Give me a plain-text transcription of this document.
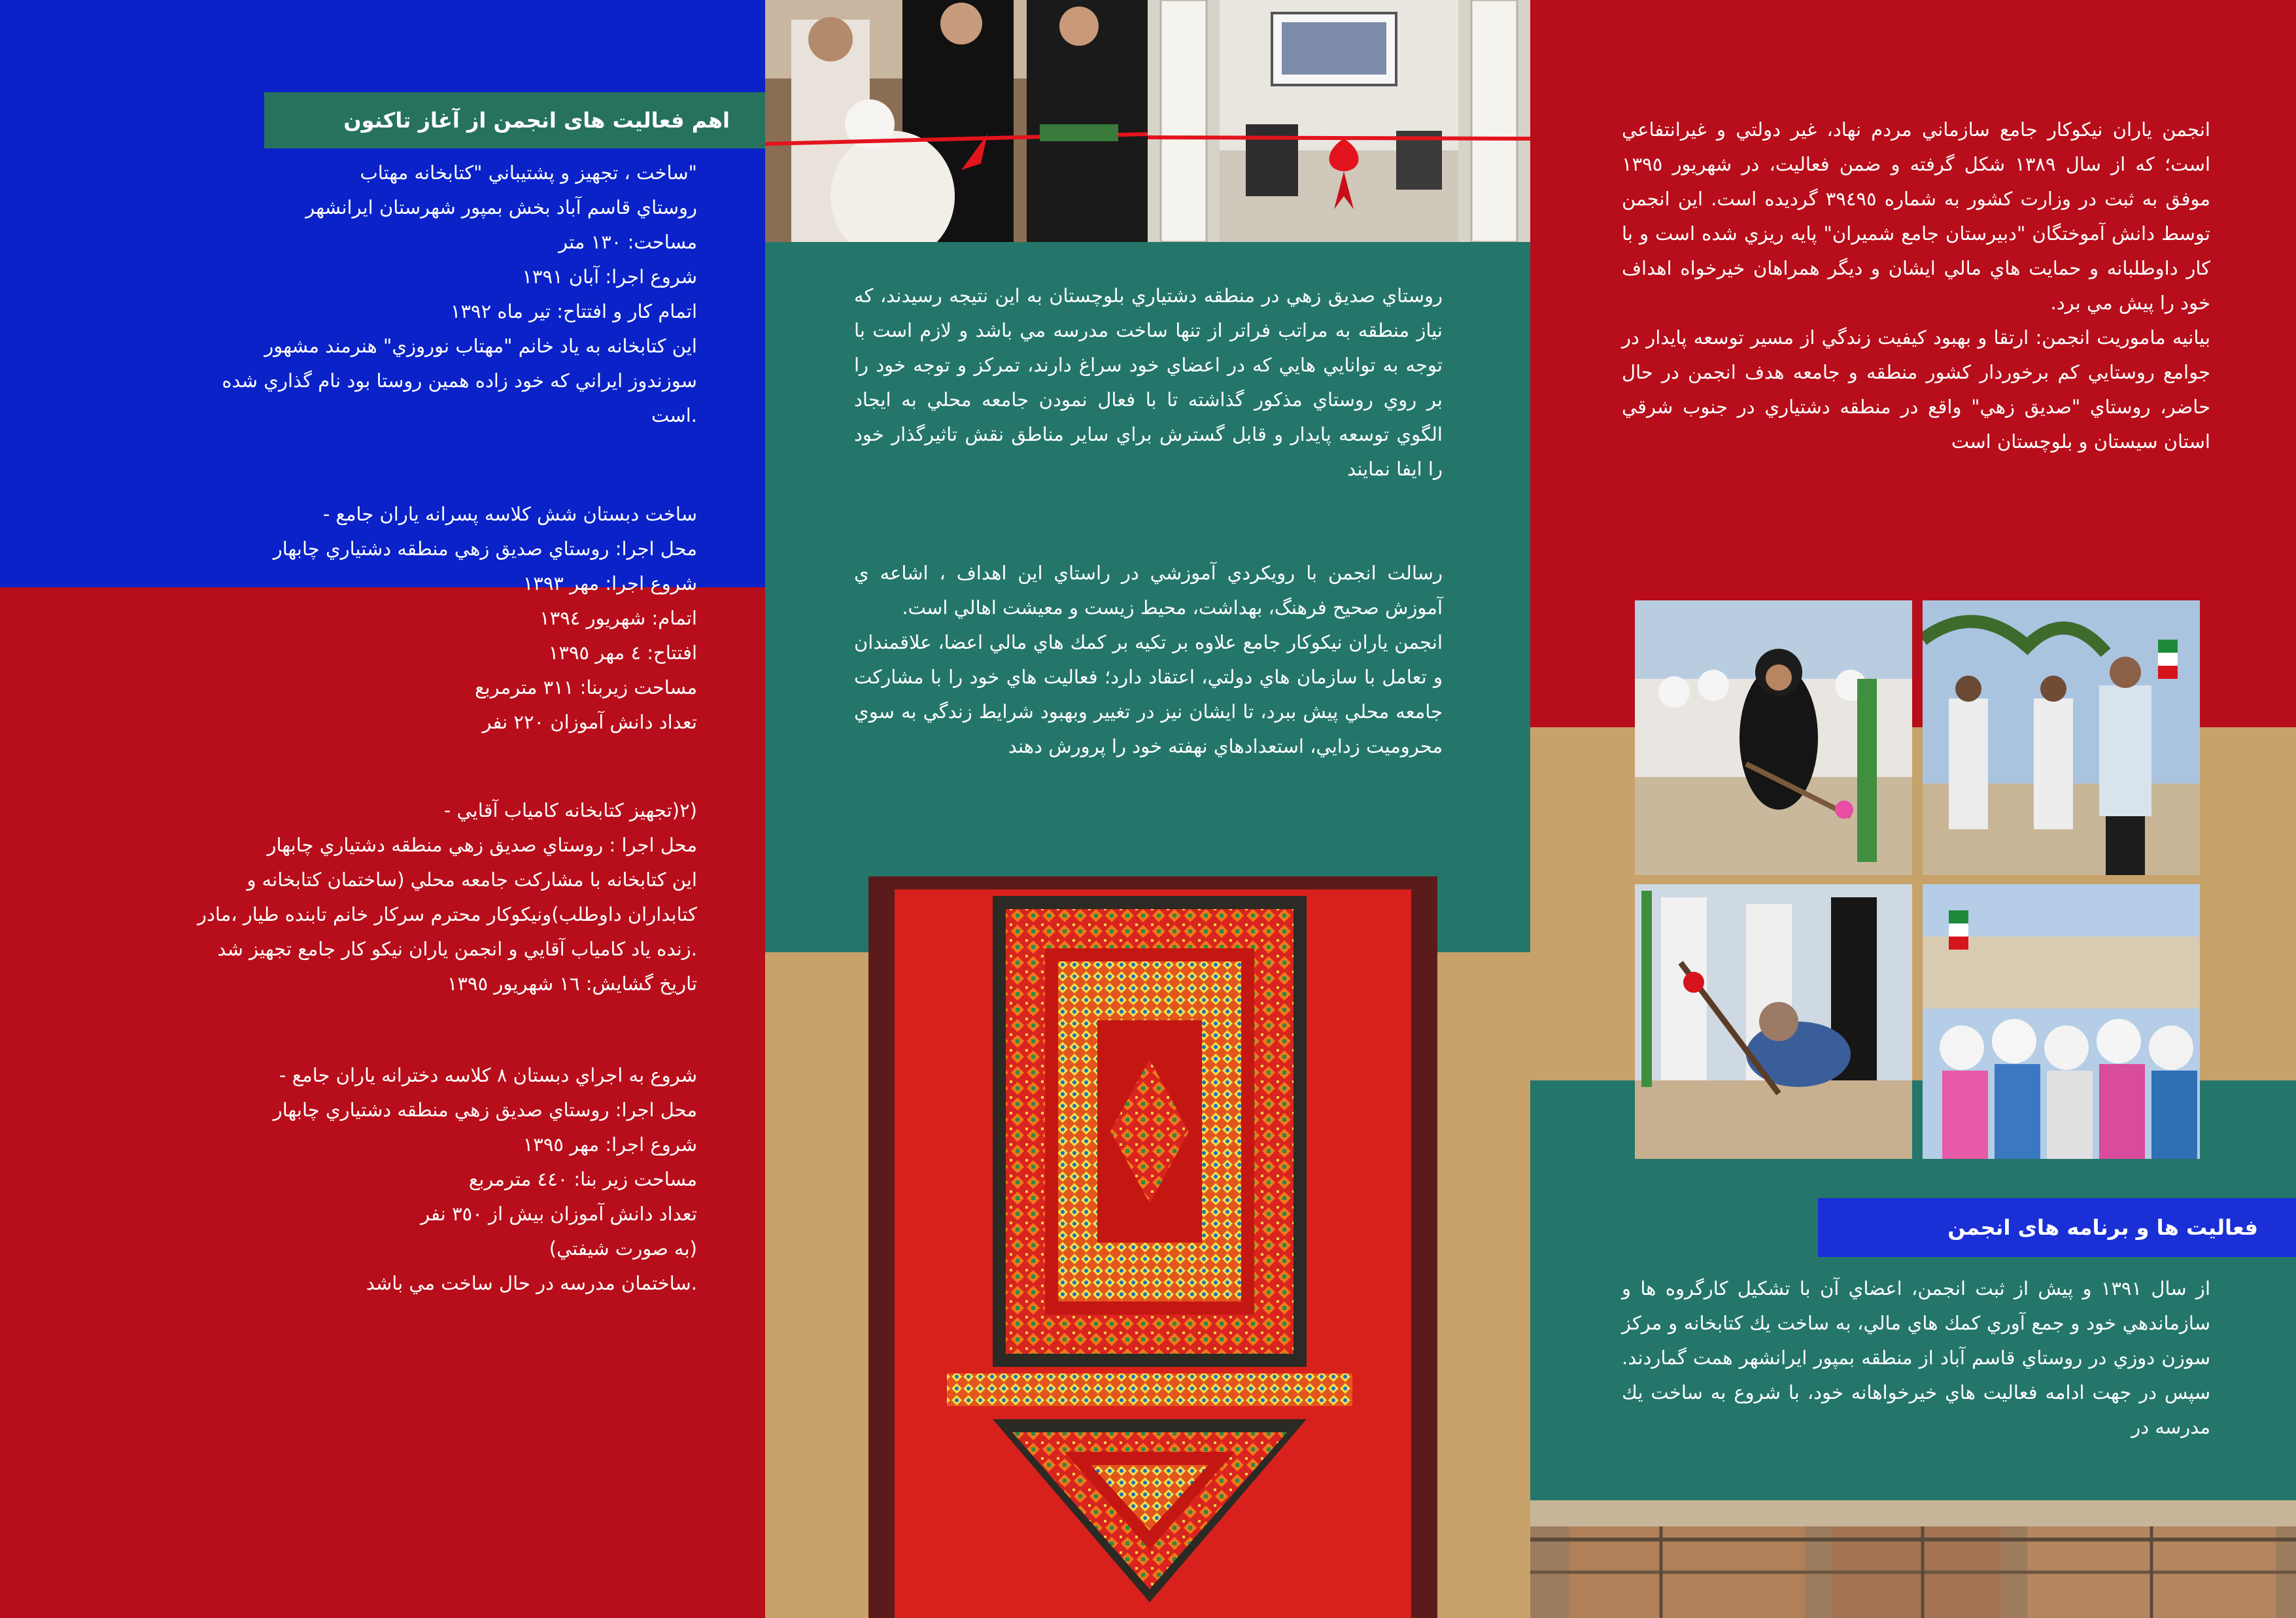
اهم فعالیت های انجمن از آغاز تاکنون

"ساخت ، تجهيز و پشتيباني "كتابخانه مهتاب
روستاي قاسم آباد بخش بمپور شهرستان ايرانشهر
مساحت: ١٣٠ متر
شروع اجرا: آبان ١٣٩١
اتمام كار و افتتاح: تير ماه ١٣٩٢
اين كتابخانه به ياد خانم "مهتاب نوروزي" هنرمند مشهور
سوزندوز ايراني كه خود زاده همين روستا بود نام گذاري شده
.است

ساخت دبستان شش كلاسه پسرانه ياران جامع -
محل اجرا: روستاي صديق زهي منطقه دشتياري چابهار
شروع اجرا: مهر ١٣٩٣
اتمام: شهريور ١٣٩٤
افتتاح: ٤ مهر ١٣٩٥
مساحت زيربنا: ٣١١ مترمربع
تعداد دانش آموزان ٢٢٠ نفر

(٢(تجهيز كتابخانه كامياب آقايي -
محل اجرا : روستاي صديق زهي منطقه دشتياري چابهار
اين كتابخانه با مشاركت جامعه محلي (ساختمان كتابخانه و
كتابداران داوطلب)ونيكوكار محترم سركار خانم تابنده طيار ،مادر
.زنده ياد كامياب آقايي و انجمن ياران نيكو كار جامع تجهيز شد
تاريخ گشايش: ١٦ شهريور ١٣٩٥

شروع به اجراي دبستان ٨ كلاسه دخترانه ياران جامع -
محل اجرا: روستاي صديق زهي منطقه دشتياري چابهار
شروع اجرا: مهر ١٣٩٥
مساحت زير بنا: ٤٤٠ مترمربع
تعداد دانش آموزان بيش از ٣٥٠ نفر
(به صورت شيفتي)
.ساختمان مدرسه در حال ساخت مي باشد

روستاي صديق زهي در منطقه دشتياري بلوچستان به اين نتيجه رسيدند، كه نياز منطقه به مراتب فراتر از تنها ساخت مدرسه مي باشد و لازم است با توجه به توانايي هايي كه در اعضاي خود سراغ دارند، تمركز و توجه خود را بر روي روستاي مذكور گذاشته تا با فعال نمودن جامعه محلي به ايجاد الگوي توسعه پايدار و قابل گسترش براي ساير مناطق نقش تاثيرگذار خود را ايفا نمايند

رسالت انجمن با رويكردي آموزشي در راستاي اين اهداف ، اشاعه ي آموزش صحيح فرهنگ، بهداشت، محيط زيست و معيشت اهالي است.
انجمن ياران نيكوكار جامع علاوه بر تكيه بر كمك هاي مالي اعضا، علاقمندان و تعامل با سازمان هاي دولتي، اعتقاد دارد؛ فعاليت هاي خود را با مشاركت جامعه محلي پيش ببرد، تا ايشان نيز در تغيير وبهبود شرايط زندگي به سوي محروميت زدايي، استعدادهاي نهفته خود را پرورش دهند

انجمن ياران نيكوكار جامع سازماني مردم نهاد، غير دولتي و غيرانتفاعي است؛ كه از سال ١٣٨٩ شكل گرفته و ضمن فعاليت، در شهريور ١٣٩٥ موفق به ثبت در وزارت كشور به شماره ٣٩٤٩٥ گرديده است. اين انجمن توسط دانش آموختگان "دبيرستان جامع شميران" پايه ريزي شده است و با كار داوطلبانه و حمايت هاي مالي ايشان و ديگر همراهان خيرخواه اهداف خود را پيش مي برد.
بيانيه ماموريت انجمن: ارتقا و بهبود كيفيت زندگي از مسير توسعه پايدار در جوامع روستايي كم برخوردار كشور منطقه و جامعه هدف انجمن در حال حاضر، روستاي "صديق زهي" واقع در منطقه دشتياري در جنوب شرقي استان سيستان و بلوچستان است

فعالیت ها و برنامه های انجمن

از سال ١٣٩١ و پيش از ثبت انجمن، اعضاي آن با تشكيل كارگروه ها و سازماندهي خود و جمع آوري كمك هاي مالي، به ساخت يك كتابخانه و مركز سوزن دوزي در روستاي قاسم آباد از منطقه بمپور ايرانشهر همت گماردند. سپس در جهت ادامه فعاليت هاي خيرخواهانه خود، با شروع به ساخت يك مدرسه در
